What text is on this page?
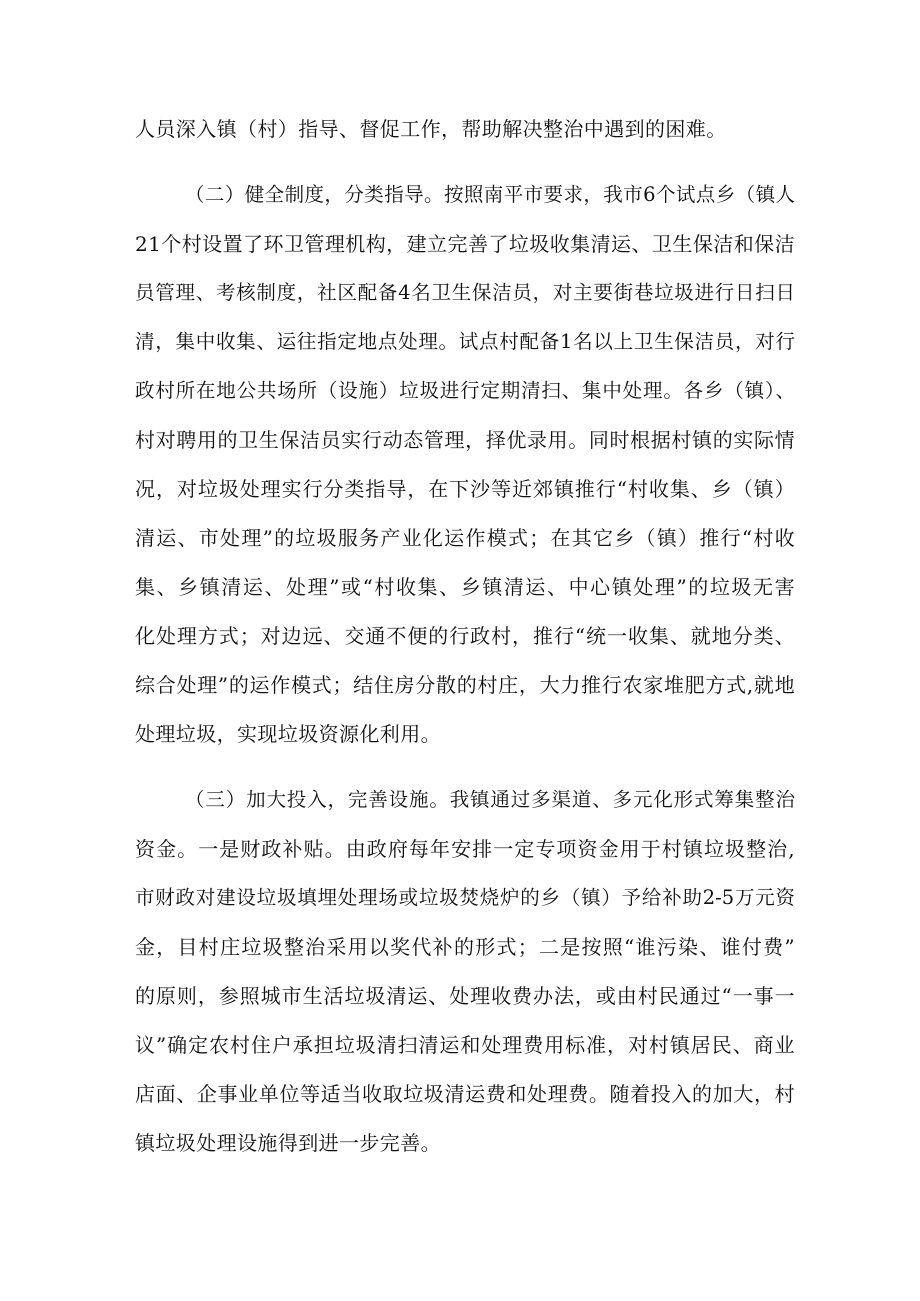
人员深入镇（村）指导、督促工作，帮助解决整治中遇到的困难。

（二）健全制度，分类指导。按照南平市要求，我市6个试点乡（镇人

21个村设置了环卫管理机构，建立完善了垃圾收集清运、卫生保洁和保洁

员管理、考核制度，社区配备4名卫生保洁员，对主要街巷垃圾进行日扫日

清，集中收集、运往指定地点处理。试点村配备1名以上卫生保洁员，对行

政村所在地公共场所（设施）垃圾进行定期清扫、集中处理。各乡（镇）、

村对聘用的卫生保洁员实行动态管理，择优录用。同时根据村镇的实际情

况，对垃圾处理实行分类指导，在下沙等近郊镇推行“村收集、乡（镇）

清运、市处理”的垃圾服务产业化运作模式；在其它乡（镇）推行“村收

集、乡镇清运、处理”或“村收集、乡镇清运、中心镇处理”的垃圾无害

化处理方式；对边远、交通不便的行政村，推行“统一收集、就地分类、

综合处理”的运作模式；结住房分散的村庄，大力推行农家堆肥方式,就地

处理垃圾，实现垃圾资源化利用。

（三）加大投入，完善设施。我镇通过多渠道、多元化形式筹集整治

资金。一是财政补贴。由政府每年安排一定专项资金用于村镇垃圾整治,

市财政对建设垃圾填埋处理场或垃圾焚烧炉的乡（镇）予给补助2-5万元资

金，目村庄垃圾整治采用以奖代补的形式；二是按照“谁污染、谁付费”

的原则，参照城市生活垃圾清运、处理收费办法，或由村民通过“一事一

议”确定农村住户承担垃圾清扫清运和处理费用标准，对村镇居民、商业

店面、企事业单位等适当收取垃圾清运费和处理费。随着投入的加大，村

镇垃圾处理设施得到进一步完善。
